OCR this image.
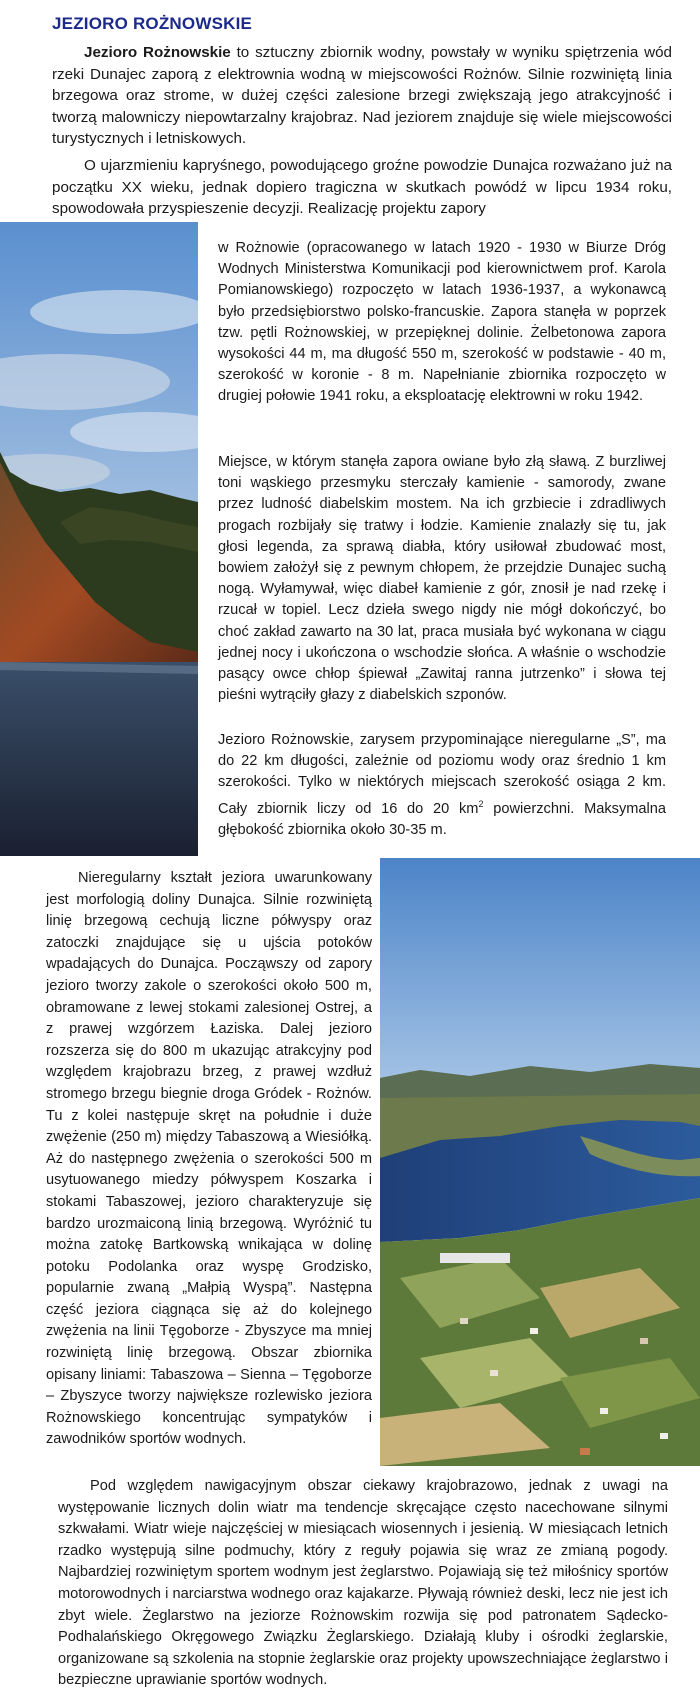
JEZIORO ROŻNOWSKIE

Jezioro Rożnowskie to sztuczny zbiornik wodny, powstały w wyniku spiętrzenia wód rzeki Dunajec zaporą z elektrownia wodną w miejscowości Rożnów. Silnie rozwiniętą linia brzegowa oraz strome, w dużej części zalesione brzegi zwiększają jego atrakcyjność i tworzą malowniczy niepowtarzalny krajobraz. Nad jeziorem znajduje się wiele miejscowości turystycznych i letniskowych.

O ujarzmieniu kapryśnego, powodującego groźne powodzie Dunajca rozważano już na początku XX wieku, jednak dopiero tragiczna w skutkach powódź w lipcu 1934 roku, spowodowała przyspieszenie decyzji. Realizację projektu zapory

w Rożnowie (opracowanego w latach 1920 - 1930 w Biurze Dróg Wodnych Ministerstwa Komunikacji pod kierownictwem prof. Karola Pomianowskiego) rozpoczęto w latach 1936-1937, a wykonawcą było przedsiębiorstwo polsko-francuskie. Zapora stanęła w poprzek tzw. pętli Rożnowskiej, w przepięknej dolinie. Żelbetonowa zapora wysokości 44 m, ma długość 550 m, szerokość w podstawie - 40 m, szerokość w koronie - 8 m. Napełnianie zbiornika rozpoczęto w drugiej połowie 1941 roku, a eksploatację elektrowni w roku 1942.

Miejsce, w którym stanęła zapora owiane było złą sławą. Z burzliwej toni wąskiego przesmyku sterczały kamienie - samorody, zwane przez ludność diabelskim mostem. Na ich grzbiecie i zdradliwych progach rozbijały się tratwy i łodzie. Kamienie znalazły się tu, jak głosi legenda, za sprawą diabła, który usiłował zbudować most, bowiem założył się z pewnym chłopem, że przejdzie Dunajec suchą nogą. Wyłamywał, więc diabeł kamienie z gór, znosił je nad rzekę i rzucał w topiel. Lecz dzieła swego nigdy nie mógł dokończyć, bo choć zakład zawarto na 30 lat, praca musiała być wykonana w ciągu jednej nocy i ukończona o wschodzie słońca. A właśnie o wschodzie pasący owce chłop śpiewał „Zawitaj ranna jutrzenko” i słowa tej pieśni wytrąciły głazy z diabelskich szponów.

Jezioro Rożnowskie, zarysem przypominające nieregularne „S”, ma do 22 km długości, zależnie od poziomu wody oraz średnio 1 km szerokości. Tylko w niektórych miejscach szerokość osiąga 2 km. Cały zbiornik liczy od 16 do 20 $km^2$ powierzchni. Maksymalna głębokość zbiornika około 30-35 m.

Nieregularny kształt jeziora uwarunkowany jest morfologią doliny Dunajca. Silnie rozwiniętą linię brzegową cechują liczne półwyspy oraz zatoczki znajdujące się u ujścia potoków wpadających do Dunajca. Począwszy od zapory jezioro tworzy zakole o szerokości około 500 m, obramowane z lewej stokami zalesionej Ostrej, a z prawej wzgórzem Łaziska. Dalej jezioro rozszerza się do 800 m ukazując atrakcyjny pod względem krajobrazu brzeg, z prawej wzdłuż stromego brzegu biegnie droga Gródek - Rożnów. Tu z kolei następuje skręt na południe i duże zwężenie (250 m) między Tabaszową a Wiesiółką. Aż do następnego zwężenia o szerokości 500 m usytuowanego miedzy półwyspem Koszarka i stokami Tabaszowej, jezioro charakteryzuje się bardzo urozmaiconą linią brzegową. Wyróżnić tu można zatokę Bartkowską wnikająca w dolinę potoku Podolanka oraz wyspę Grodzisko, popularnie zwaną „Małpią Wyspą”. Następna część jeziora ciągnąca się aż do kolejnego zwężenia na linii Tęgoborze - Zbyszyce ma mniej rozwiniętą linię brzegową. Obszar zbiornika opisany liniami: Tabaszowa – Sienna – Tęgoborze – Zbyszyce tworzy największe rozlewisko jeziora Rożnowskiego koncentrując sympatyków i zawodników sportów wodnych.

Pod względem nawigacyjnym obszar ciekawy krajobrazowo, jednak z uwagi na występowanie licznych dolin wiatr ma tendencje skręcające często nacechowane silnymi szkwałami. Wiatr wieje najczęściej w miesiącach wiosennych i jesienią. W miesiącach letnich rzadko występują silne podmuchy, który z reguły pojawia się wraz ze zmianą pogody. Najbardziej rozwiniętym sportem wodnym jest żeglarstwo. Pojawiają się też miłośnicy sportów motorowodnych i narciarstwa wodnego oraz kajakarze. Pływają również deski, lecz nie jest ich zbyt wiele. Żeglarstwo na jeziorze Rożnowskim rozwija się pod patronatem Sądecko-Podhalańskiego Okręgowego Związku Żeglarskiego. Działają kluby i ośrodki żeglarskie, organizowane są szkolenia na stopnie żeglarskie oraz projekty upowszechniające żeglarstwo i bezpieczne uprawianie sportów wodnych.
